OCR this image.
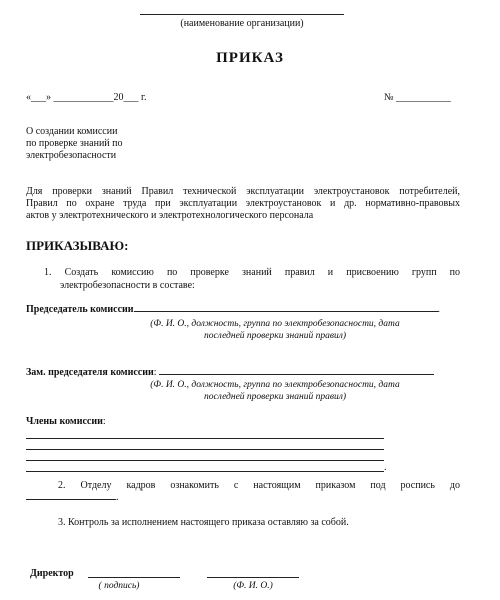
(наименование организации)
ПРИКАЗ
«___» ____________20___ г.	№ ___________
О создании комиссии
по проверке знаний по
электробезопасности
Для проверки знаний Правил технической эксплуатации электроустановок потребителей,
Правил по охране труда при эксплуатации электроустановок и др. нормативно-правовых
актов у электротехнического и электротехнологического персонала
ПРИКАЗЫВАЮ:
1. Создать комиссию по проверке знаний правил и присвоению групп по
электробезопасности в составе:
Председатель комиссии	.
(Ф. И. О., должность, группа по электробезопасности, дата
последней проверки знаний правил)
Зам. председателя комиссии:
(Ф. И. О., должность, группа по электробезопасности, дата
последней проверки знаний правил)
Члены комиссии:
.
2. Отделу кадров ознакомить с настоящим приказом под роспись до
.
3. Контроль за исполнением настоящего приказа оставляю за собой.
Директор
( подпись)	(Ф. И. О.)
